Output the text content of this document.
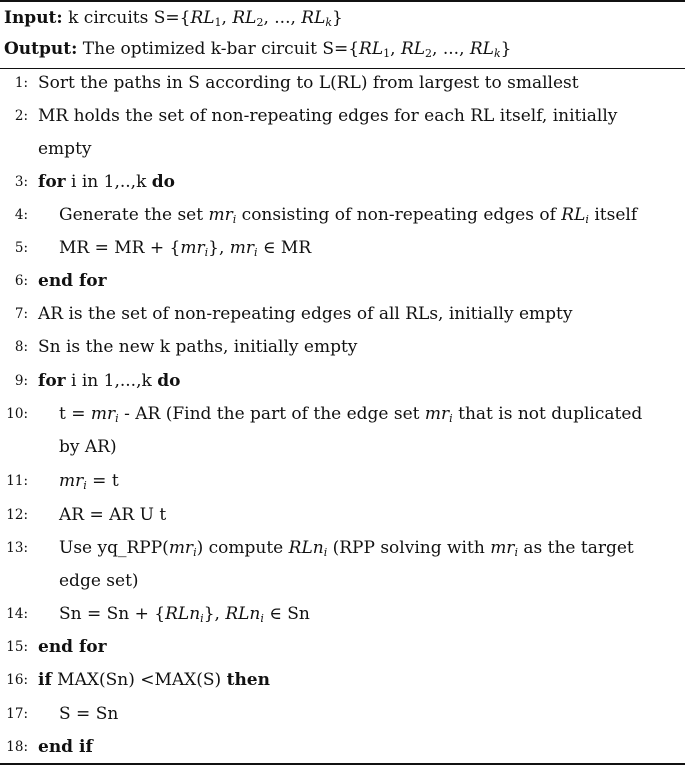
Input: k circuits $S=\{RL_1$, $RL_2$, ..., $RL_k$}
Output: The optimized k-bar circuit $S=\{RL_1$, $RL_2$, ..., $RL_k$}
1: Sort the paths in S according to L(RL) from largest to smallest
2: MR holds the set of non-repeating edges for each RL itself, initially
empty
3: for i in 1,..,k do
4: Generate the set $mr_i$ consisting of non-repeating edges of $RL_i$ itself
5: MR = MR + $\{mr_i\}$, $mr_i$ ∈ MR
6: end for
7: AR is the set of non-repeating edges of all RLs, initially empty
8: Sn is the new k paths, initially empty
9: for i in 1,...,k do
10: $t = mr_i$ - AR (Find the part of the edge set $mr_i$ that is not duplicated
by AR)
11: $mr_i = t$
12: AR = AR U t
13: Use $yq\_RPP(mr_i)$ compute RLn$_i$ (RPP solving with $mr_i$ as the target
edge set)
14: Sn = Sn + {RLn$_i$}, RLn$_i$ ∈ Sn
15: end for
16: if MAX(Sn) <MAX(S) then
17: S = Sn
18: end if
